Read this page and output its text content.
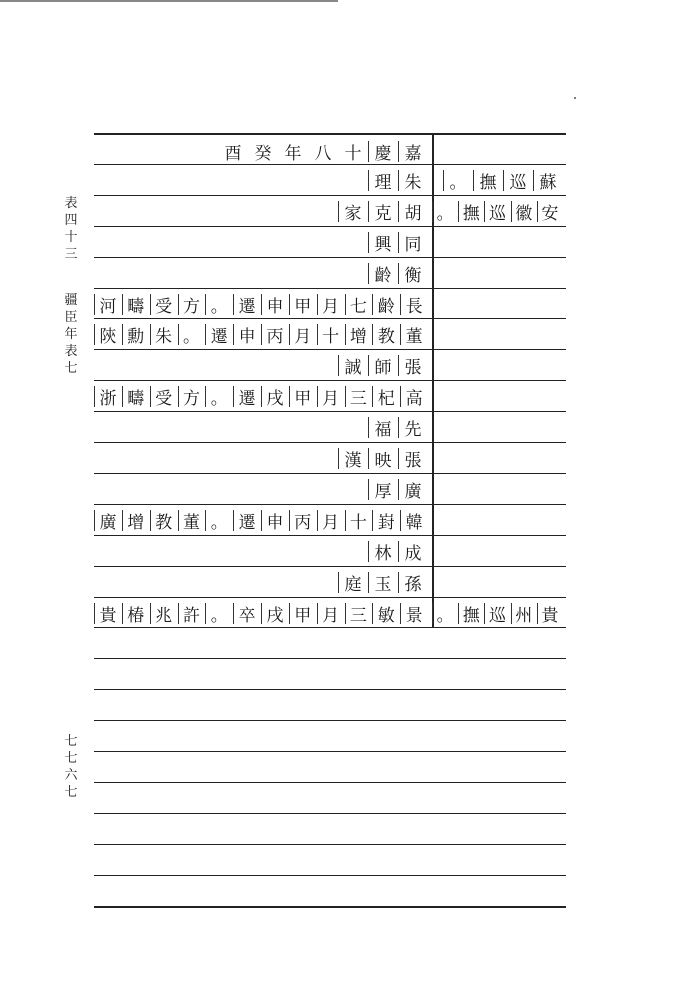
表
四
十
三
疆
臣
年
表
七
七
七
六
七
酉 癸 年 八 十 慶 嘉
理 朱	。 撫 巡 蘇
家 克 胡 。 撫 巡 徽 安
興 同
齡 衡
河 疇 受 方 。 遷 申 甲 月 七 齡 長
陝 勳 朱 。 遷 申 丙 月 十 增 教 董
誠 師 張
浙 疇 受 方 。 遷 戌 甲 月 三 杞 高
福 先
漢 映 張
厚 廣
廣 增 教 董 。 遷 申 丙 月 十 崶 韓
林 成
庭 玉 孫
貴 椿 兆 許 。 卒 戌 甲 月 三 敏 景 。 撫 巡 州 貴
